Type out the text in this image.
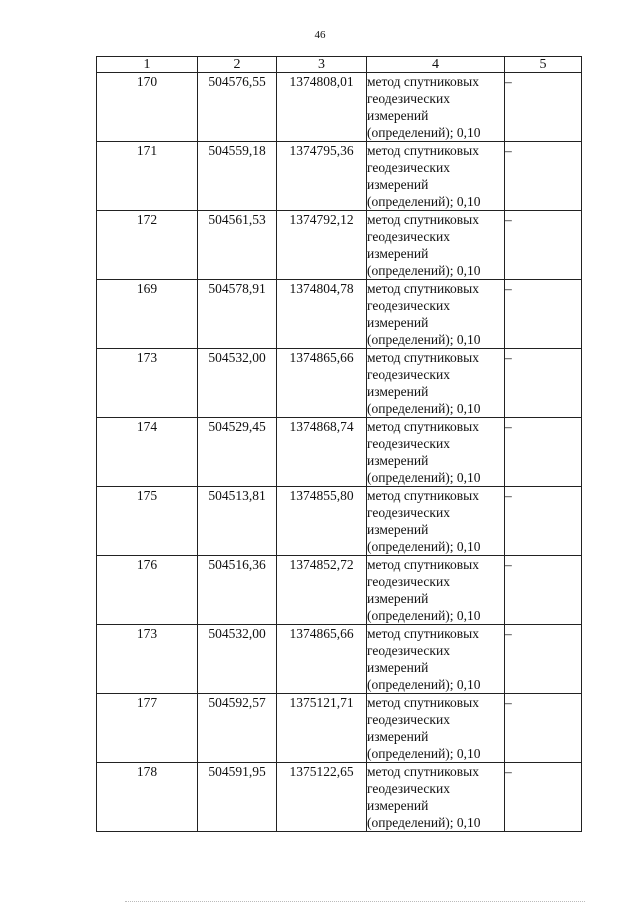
46
1	2	3	4	5
170	504576,55	1374808,01	метод спутниковых геодезических измерений (определений); 0,10	–
171	504559,18	1374795,36	метод спутниковых геодезических измерений (определений); 0,10	–
172	504561,53	1374792,12	метод спутниковых геодезических измерений (определений); 0,10	–
169	504578,91	1374804,78	метод спутниковых геодезических измерений (определений); 0,10	–
173	504532,00	1374865,66	метод спутниковых геодезических измерений (определений); 0,10	–
174	504529,45	1374868,74	метод спутниковых геодезических измерений (определений); 0,10	–
175	504513,81	1374855,80	метод спутниковых геодезических измерений (определений); 0,10	–
176	504516,36	1374852,72	метод спутниковых геодезических измерений (определений); 0,10	–
173	504532,00	1374865,66	метод спутниковых геодезических измерений (определений); 0,10	–
177	504592,57	1375121,71	метод спутниковых геодезических измерений (определений); 0,10	–
178	504591,95	1375122,65	метод спутниковых геодезических измерений (определений); 0,10	–
